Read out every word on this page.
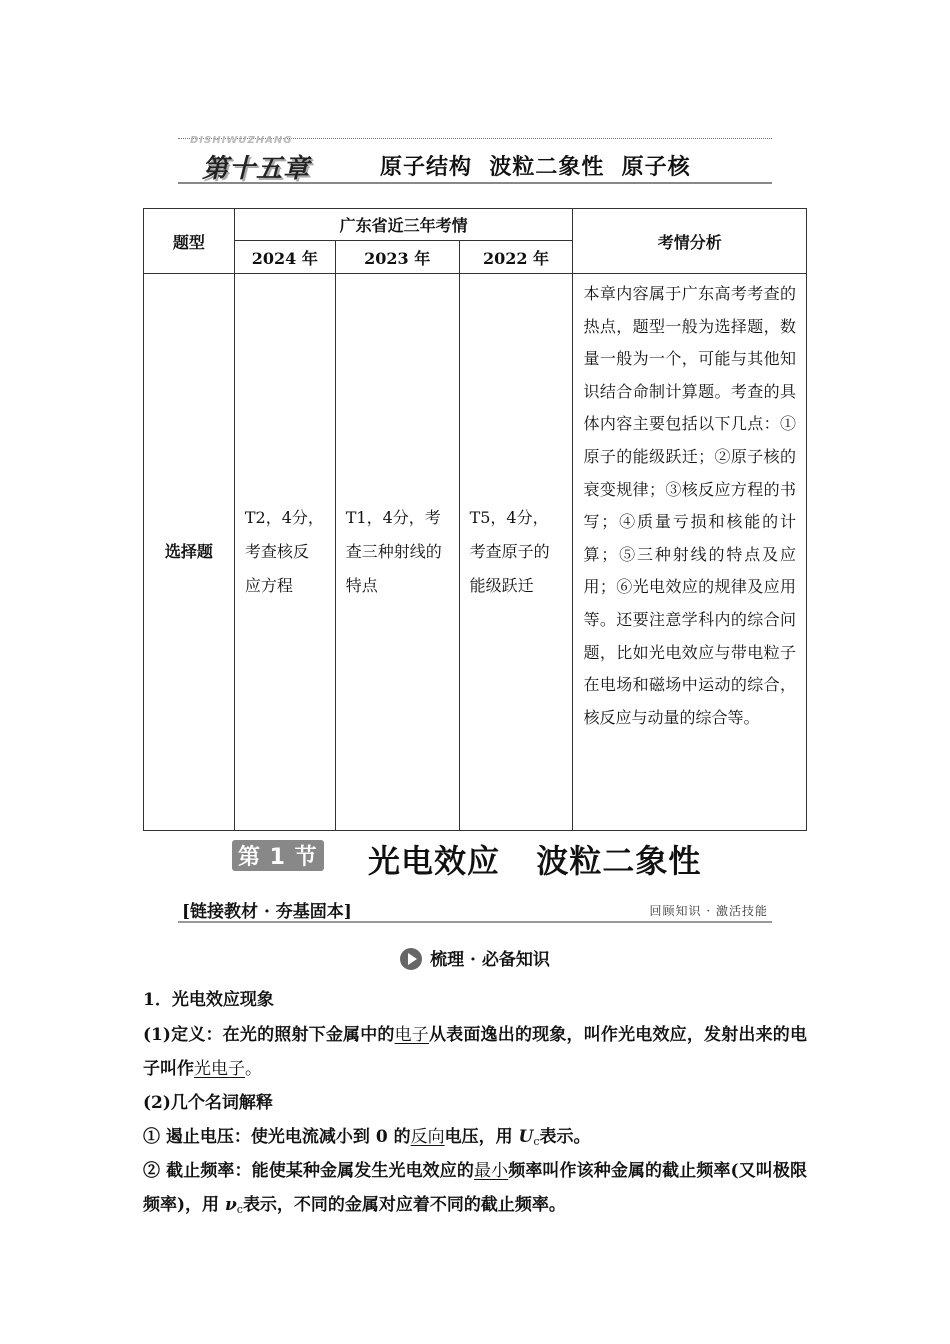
DISHIWUZHANG
第十五章	原子结构  波粒二象性  原子核
题型	广东省近三年考情			考情分析
	2024 年	2023 年	2022 年	
选择题	T2，4分，考查核反应方程	T1，4分，考查三种射线的特点	T5，4分，考查原子的能级跃迁	本章内容属于广东高考考查的热点，题型一般为选择题，数量一般为一个，可能与其他知识结合命制计算题。考查的具体内容主要包括以下几点：①原子的能级跃迁；②原子核的衰变规律；③核反应方程的书写；④质量亏损和核能的计算；⑤三种射线的特点及应用；⑥光电效应的规律及应用等。还要注意学科内的综合问题，比如光电效应与带电粒子在电场和磁场中运动的综合，核反应与动量的综合等。
第 1 节 光电效应   波粒二象性
[链接教材 · 夯基固本]	回顾知识 · 激活技能
梳理 · 必备知识
1．光电效应现象
(1)定义：在光的照射下金属中的电子从表面逸出的现象，叫作光电效应，发射出来的电子叫作光电子。
(2)几个名词解释
① 遏止电压：使光电流减小到 0 的反向电压，用 $U_c$表示。
② 截止频率：能使某种金属发生光电效应的最小频率叫作该种金属的截止频率(又叫极限频率)，用 $\nu_c$表示，不同的金属对应着不同的截止频率。
